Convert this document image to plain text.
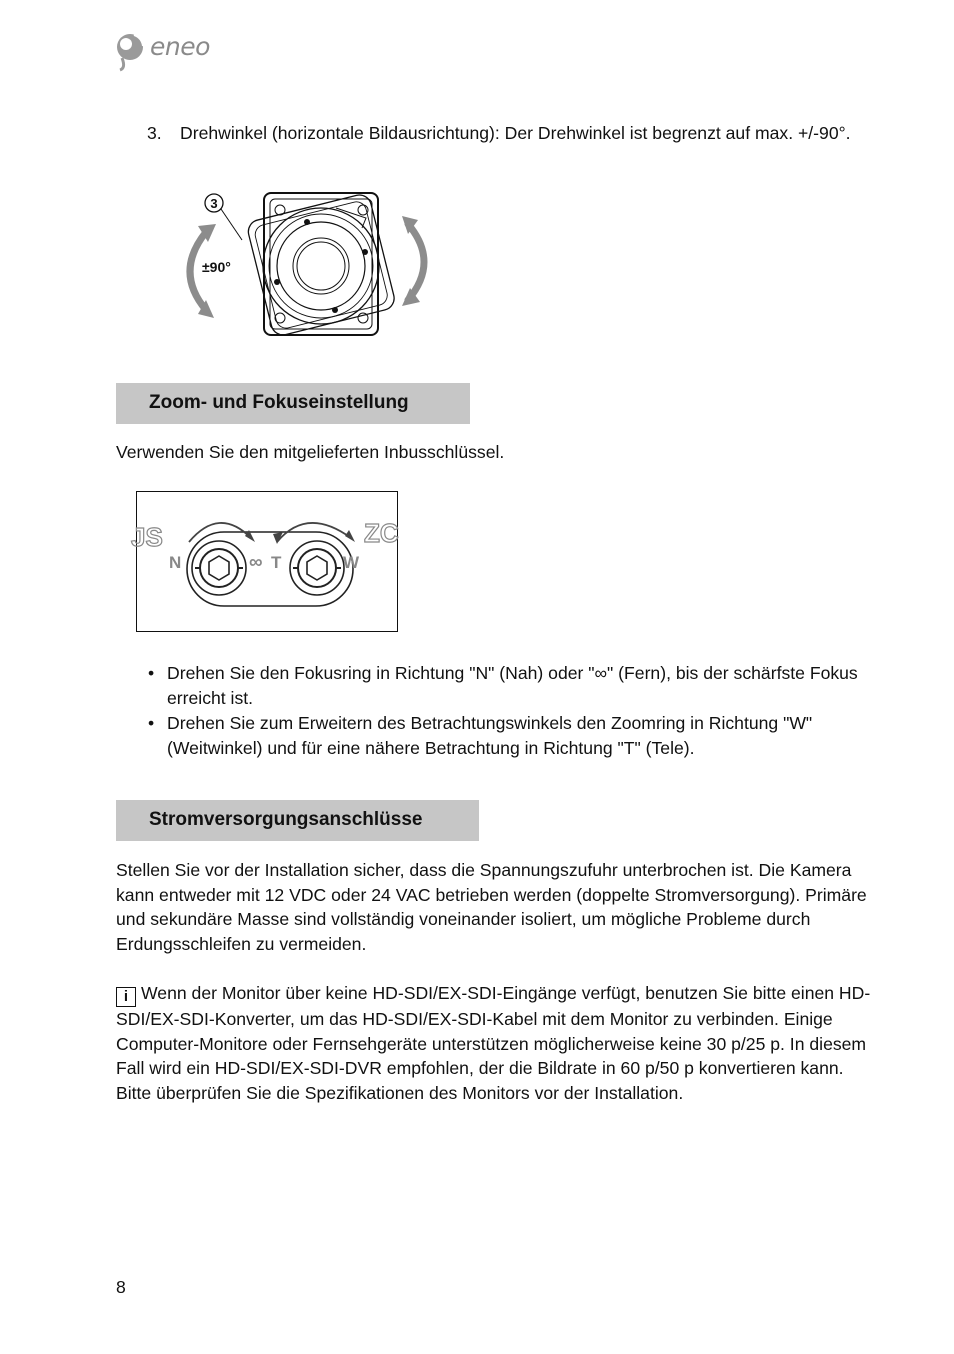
eneo
3. Drehwinkel (horizontale Bildausrichtung): Der Drehwinkel ist begrenzt auf max. +/-90°.
3
±90°
Zoom- und Fokuseinstellung
Verwenden Sie den mitgelieferten Inbusschlüssel.
JS	ZC
N	∞ T	W
• Drehen Sie den Fokusring in Richtung "N" (Nah) oder "∞" (Fern), bis der schärfste Fokus erreicht ist.
• Drehen Sie zum Erweitern des Betrachtungswinkels den Zoomring in Richtung "W" (Weitwinkel) und für eine nähere Betrachtung in Richtung "T" (Tele).
Stromversorgungsanschlüsse
Stellen Sie vor der Installation sicher, dass die Spannungszufuhr unterbrochen ist. Die Kamera kann entweder mit 12 VDC oder 24 VAC betrieben werden (doppelte Stromversorgung). Primäre und sekundäre Masse sind vollständig voneinander isoliert, um mögliche Probleme durch Erdungsschleifen zu vermeiden.
i Wenn der Monitor über keine HD-SDI/EX-SDI-Eingänge verfügt, benutzen Sie bitte einen HD-SDI/EX-SDI-Konverter, um das HD-SDI/EX-SDI-Kabel mit dem Monitor zu verbinden. Einige Computer-Monitore oder Fernsehgeräte unterstützen möglicherweise keine 30 p/25 p. In diesem Fall wird ein HD-SDI/EX-SDI-DVR empfohlen, der die Bildrate in 60 p/50 p konvertieren kann. Bitte überprüfen Sie die Spezifikationen des Monitors vor der Installation.
8
